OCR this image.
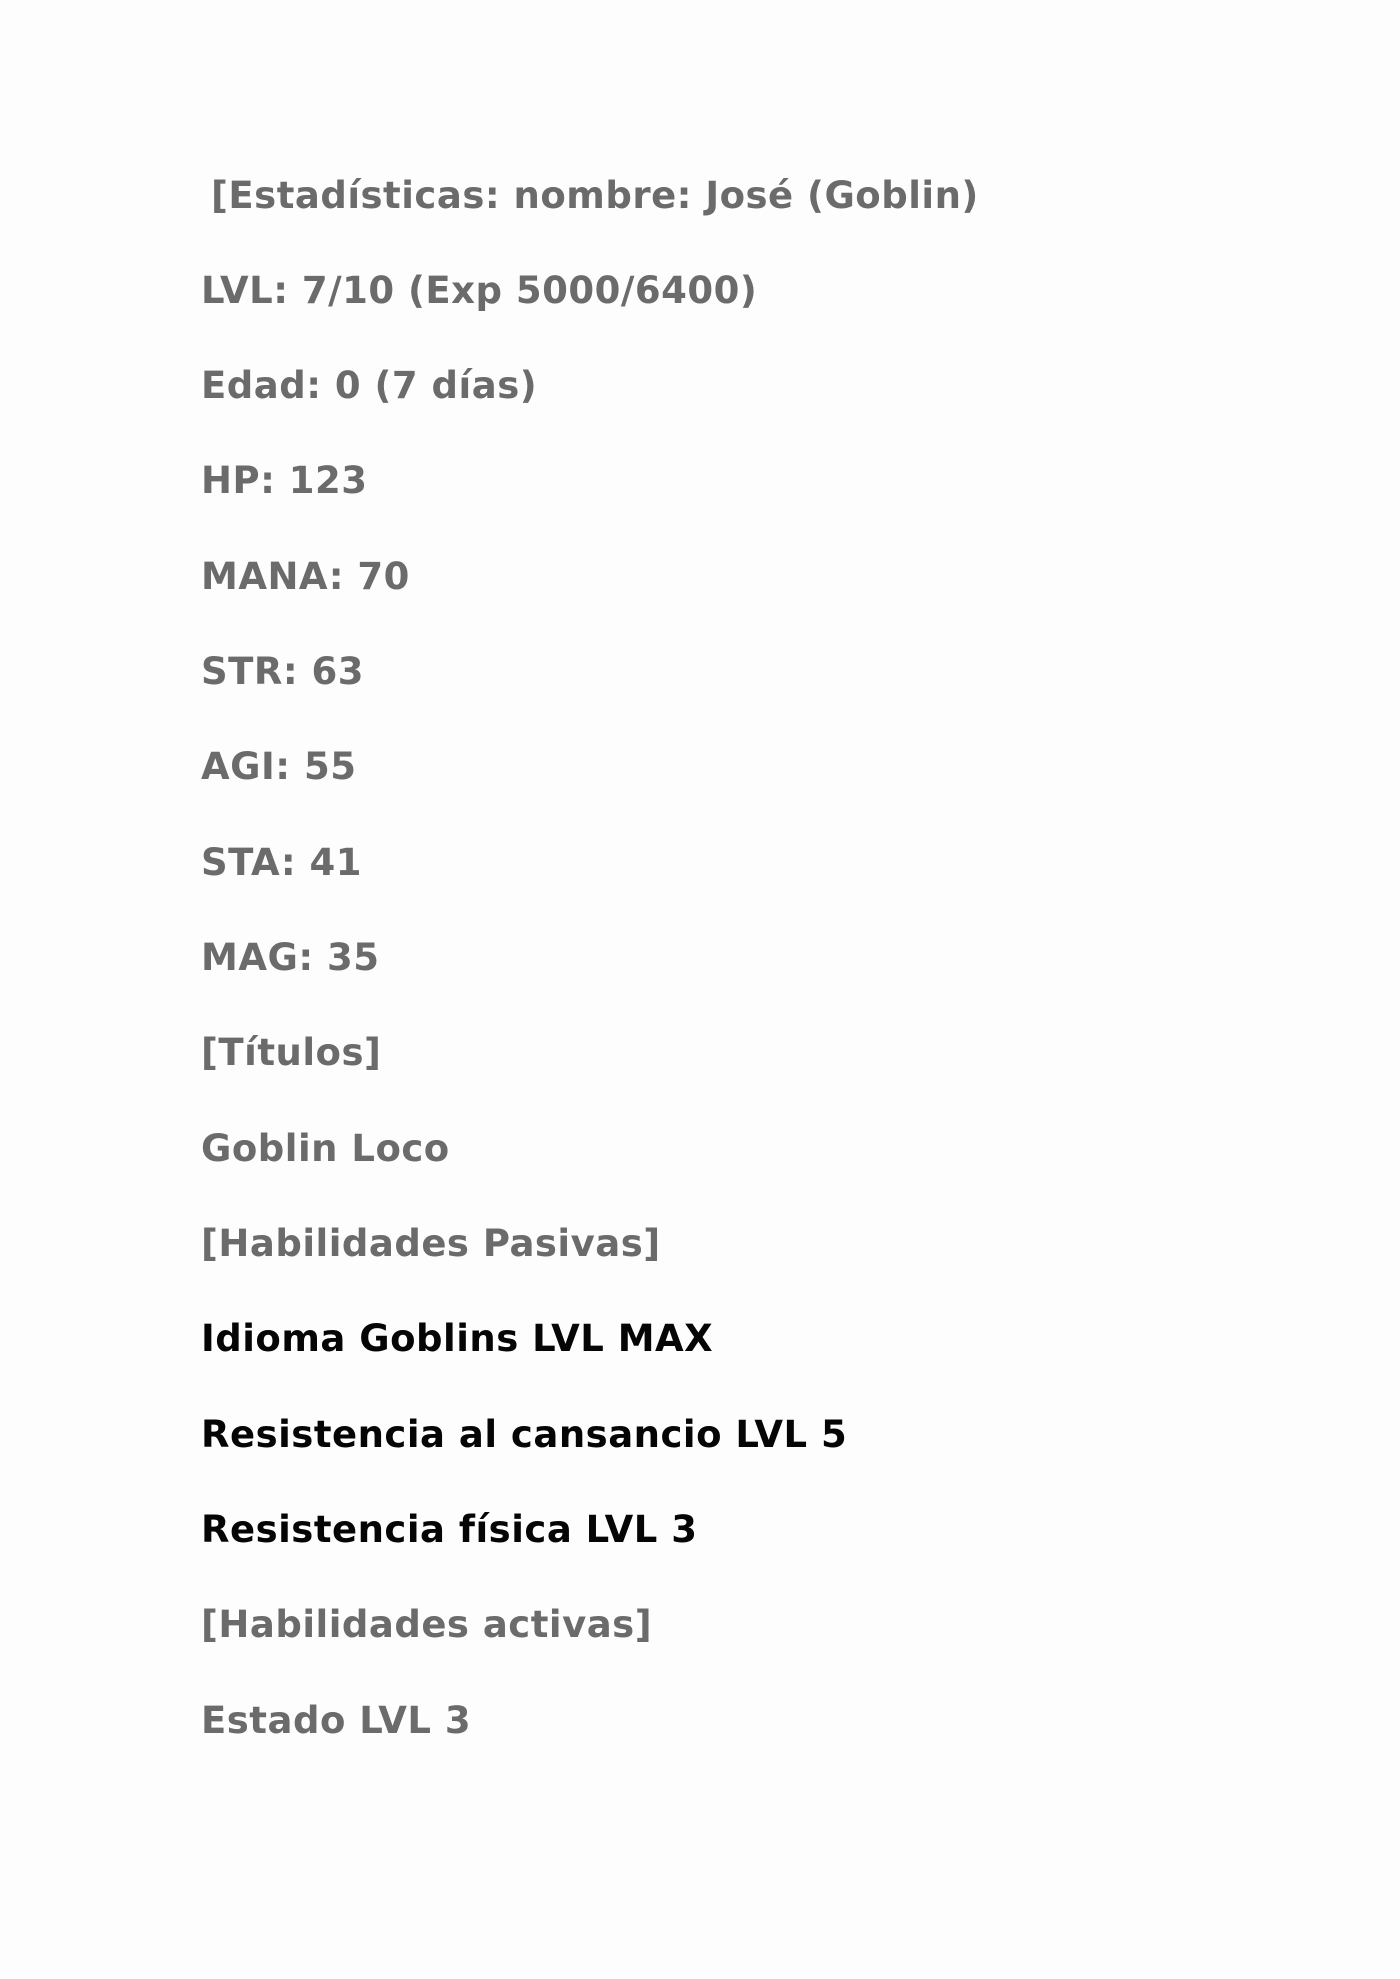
[Estadísticas: nombre: José (Goblin)

LVL: 7/10 (Exp 5000/6400)

Edad: 0 (7 días)

HP: 123

MANA: 70

STR: 63

AGI: 55

STA: 41

MAG: 35

[Títulos]

Goblin Loco

[Habilidades Pasivas]

Idioma Goblins LVL MAX

Resistencia al cansancio LVL 5

Resistencia física LVL 3

[Habilidades activas]

Estado LVL 3
